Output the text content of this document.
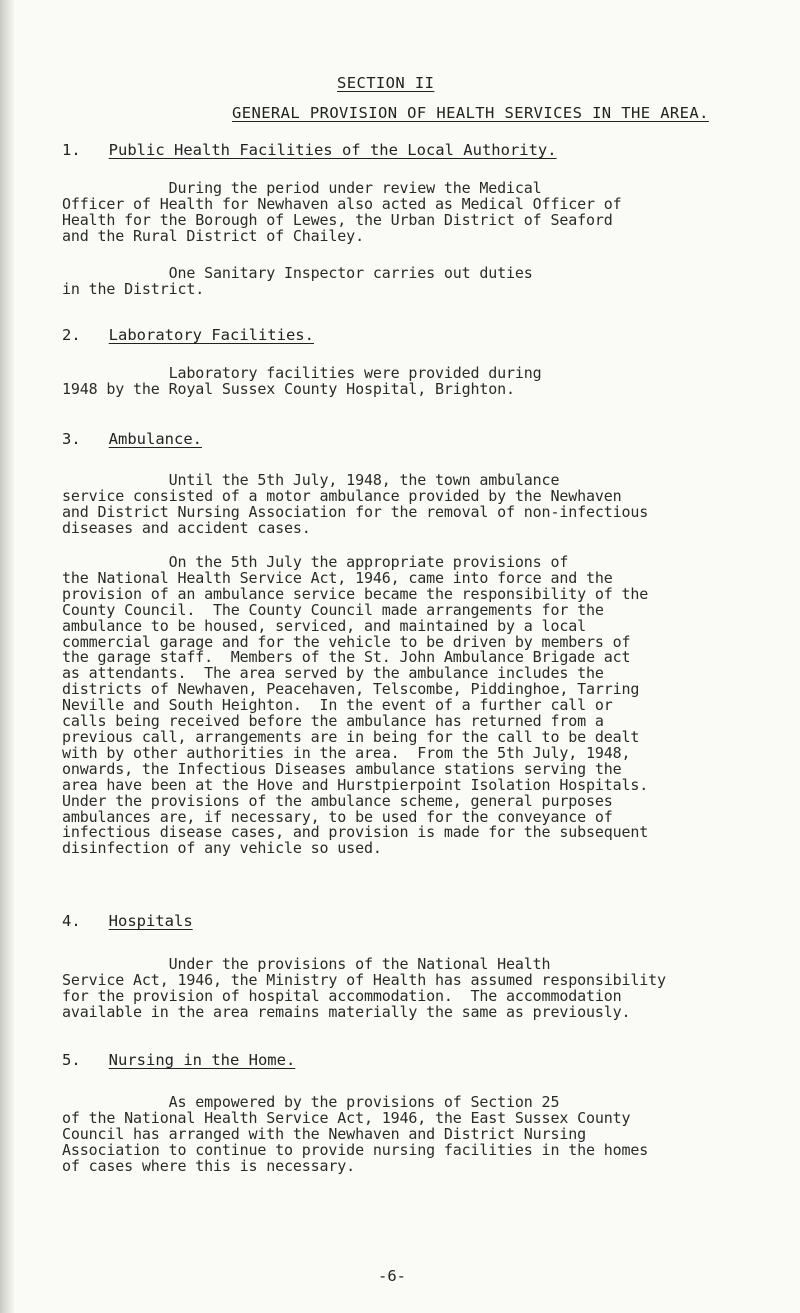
SECTION II
GENERAL PROVISION OF HEALTH SERVICES IN THE AREA.
1. Public Health Facilities of the Local Authority.

During the period under review the Medical
Officer of Health for Newhaven also acted as Medical Officer of
Health for the Borough of Lewes, the Urban District of Seaford
and the Rural District of Chailey.

One Sanitary Inspector carries out duties
in the District.

2. Laboratory Facilities.

Laboratory facilities were provided during
1948 by the Royal Sussex County Hospital, Brighton.

3. Ambulance.

Until the 5th July, 1948, the town ambulance
service consisted of a motor ambulance provided by the Newhaven
and District Nursing Association for the removal of non-infectious
diseases and accident cases.

On the 5th July the appropriate provisions of
the National Health Service Act, 1946, came into force and the
provision of an ambulance service became the responsibility of the
County Council.  The County Council made arrangements for the
ambulance to be housed, serviced, and maintained by a local
commercial garage and for the vehicle to be driven by members of
the garage staff.  Members of the St. John Ambulance Brigade act
as attendants.  The area served by the ambulance includes the
districts of Newhaven, Peacehaven, Telscombe, Piddinghoe, Tarring
Neville and South Heighton.  In the event of a further call or
calls being received before the ambulance has returned from a
previous call, arrangements are in being for the call to be dealt
with by other authorities in the area.  From the 5th July, 1948,
onwards, the Infectious Diseases ambulance stations serving the
area have been at the Hove and Hurstpierpoint Isolation Hospitals.
Under the provisions of the ambulance scheme, general purposes
ambulances are, if necessary, to be used for the conveyance of
infectious disease cases, and provision is made for the subsequent
disinfection of any vehicle so used.

4. Hospitals

Under the provisions of the National Health
Service Act, 1946, the Ministry of Health has assumed responsibility
for the provision of hospital accommodation.  The accommodation
available in the area remains materially the same as previously.

5. Nursing in the Home.

As empowered by the provisions of Section 25
of the National Health Service Act, 1946, the East Sussex County
Council has arranged with the Newhaven and District Nursing
Association to continue to provide nursing facilities in the homes
of cases where this is necessary.

-6-
